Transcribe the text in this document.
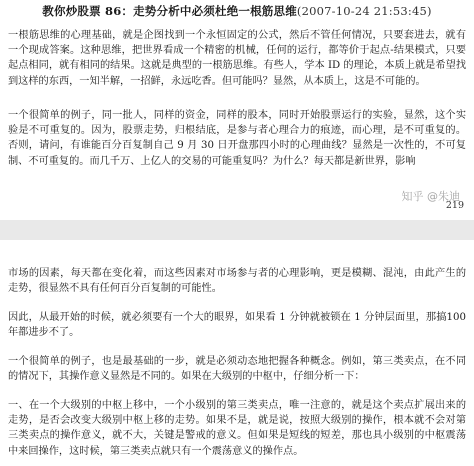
教你炒股票 86：走势分析中必须杜绝一根筋思维(2007-10-24 21:53:45)

一根筋思维的心理基础，就是企图找到一个永恒固定的公式，然后不管任何情况，只要套进去，就有一个现成答案。这种思维，把世界看成一个精密的机械，任何的运行，都等价于起点-结果模式，只要起点相同，就有相同的结果。这就是典型的一根筋思维。有些人，学本 ID 的理论，本质上就是希望找到这样的东西，一知半解，一招鲜，永远吃香。但可能吗？显然，从本质上，这是不可能的。

一个很简单的例子，同一批人，同样的资金，同样的股本，同时开始股票运行的实验，显然，这个实验是不可重复的。因为，股票走势，归根结底，是参与者心理合力的痕迹，而心理，是不可重复的。否则，请问，有谁能百分百复制自己 9 月 30 日开盘那四小时的心理曲线？显然是一次性的，不可复制、不可重复的。而几千万、上亿人的交易的可能重复吗？为什么？每天都是新世界，影响

知乎 @朱迪
219

市场的因素，每天都在变化着，而这些因素对市场参与者的心理影响，更是模糊、混沌，由此产生的走势，很显然不具有任何百分百复制的可能性。

因此，从最开始的时候，就必须要有一个大的眼界，如果看 1 分钟就被锁在 1 分钟层面里，那搞100 年都进步不了。

一个很简单的例子，也是最基础的一步，就是必须动态地把握各种概念。例如，第三类卖点，在不同的情况下，其操作意义显然是不同的。如果在大级别的中枢中，仔细分析一下：

一、在一个大级别的中枢上移中，一个小级别的第三类卖点，唯一注意的，就是这个卖点扩展出来的走势，是否会改变大级别中枢上移的走势。如果不是，就是说，按照大级别的操作，根本就不会对第三类卖点的操作意义，就不大，关键是警戒的意义。但如果是短线的短差，那也具小级别的中枢震荡中来回操作，这时候，第三类卖点就只有一个震荡意义的操作点。
